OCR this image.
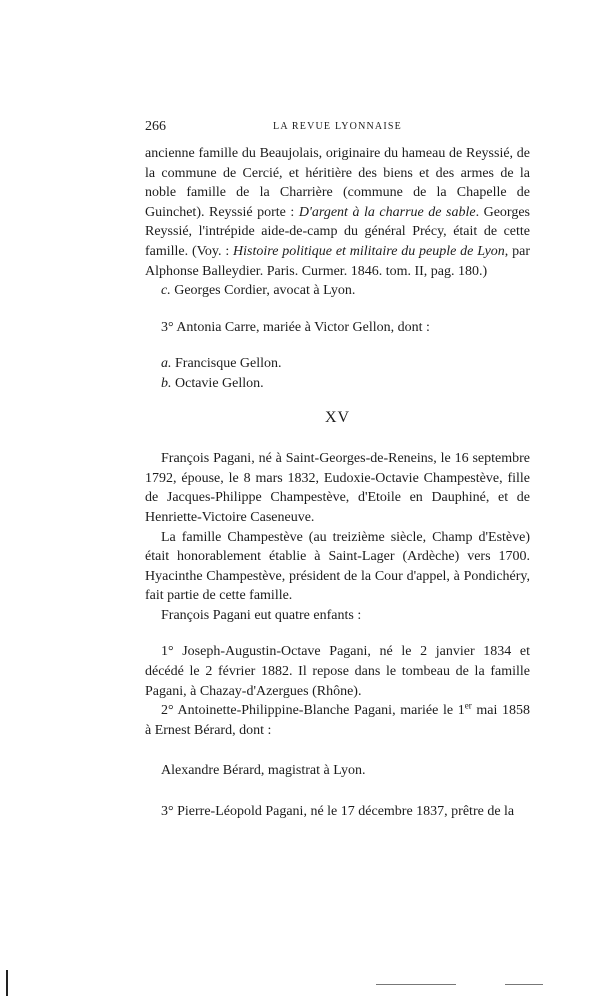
266	LA REVUE LYONNAISE

ancienne famille du Beaujolais, originaire du hameau de Reyssié, de la commune de Cercié, et héritière des biens et des armes de la noble famille de la Charrière (commune de la Chapelle de Guinchet). Reyssié porte : D'argent à la charrue de sable. Georges Reyssié, l'intrépide aide-de-camp du général Précy, était de cette famille. (Voy. : Histoire politique et militaire du peuple de Lyon, par Alphonse Balleydier. Paris. Curmer. 1846. tom. II, pag. 180.)

c. Georges Cordier, avocat à Lyon.

3° Antonia Carre, mariée à Victor Gellon, dont :

a. Francisque Gellon.

b. Octavie Gellon.

XV

François Pagani, né à Saint-Georges-de-Reneins, le 16 septembre 1792, épouse, le 8 mars 1832, Eudoxie-Octavie Champestève, fille de Jacques-Philippe Champestève, d'Etoile en Dauphiné, et de Henriette-Victoire Caseneuve.

La famille Champestève (au treizième siècle, Champ d'Estève) était honorablement établie à Saint-Lager (Ardèche) vers 1700. Hyacinthe Champestève, président de la Cour d'appel, à Pondichéry, fait partie de cette famille.

François Pagani eut quatre enfants :

1° Joseph-Augustin-Octave Pagani, né le 2 janvier 1834 et décédé le 2 février 1882. Il repose dans le tombeau de la famille Pagani, à Chazay-d'Azergues (Rhône).

2° Antoinette-Philippine-Blanche Pagani, mariée le 1er mai 1858 à Ernest Bérard, dont :

Alexandre Bérard, magistrat à Lyon.

3° Pierre-Léopold Pagani, né le 17 décembre 1837, prêtre de la
